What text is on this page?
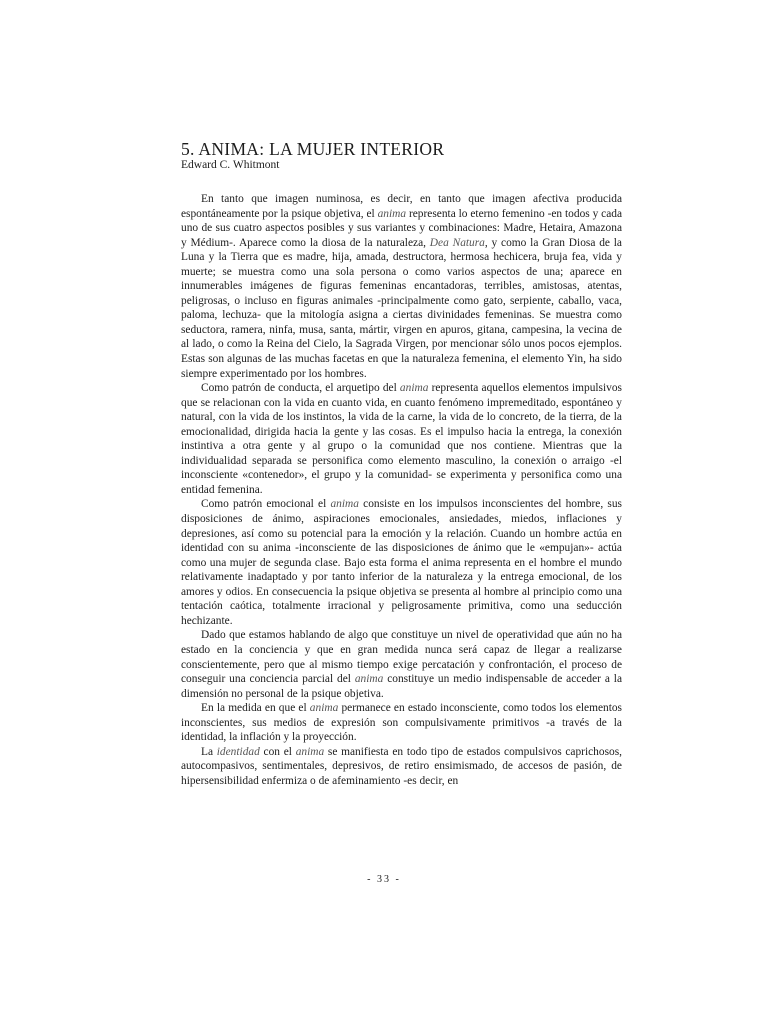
5. ANIMA: LA MUJER INTERIOR
Edward C. Whitmont

En tanto que imagen numinosa, es decir, en tanto que imagen afectiva producida espontáneamente por la psique objetiva, el anima representa lo eterno femenino -en todos y cada uno de sus cuatro aspectos posibles y sus variantes y combinaciones: Madre, Hetaira, Amazona y Médium-. Aparece como la diosa de la naturaleza, Dea Natura, y como la Gran Diosa de la Luna y la Tierra que es madre, hija, amada, destructora, hermosa hechicera, bruja fea, vida y muerte; se muestra como una sola persona o como varios aspectos de una; aparece en innumerables imágenes de figuras femeninas encantadoras, terribles, amistosas, atentas, peligrosas, o incluso en figuras animales -principalmente como gato, serpiente, caballo, vaca, paloma, lechuza- que la mitología asigna a ciertas divinidades femeninas. Se muestra como seductora, ramera, ninfa, musa, santa, mártir, virgen en apuros, gitana, campesina, la vecina de al lado, o como la Reina del Cielo, la Sagrada Virgen, por mencionar sólo unos pocos ejemplos. Estas son algunas de las muchas facetas en que la naturaleza femenina, el elemento Yin, ha sido siempre experimentado por los hombres.

Como patrón de conducta, el arquetipo del anima representa aquellos elementos impulsivos que se relacionan con la vida en cuanto vida, en cuanto fenómeno impremeditado, espontáneo y natural, con la vida de los instintos, la vida de la carne, la vida de lo concreto, de la tierra, de la emocionalidad, dirigida hacia la gente y las cosas. Es el impulso hacia la entrega, la conexión instintiva a otra gente y al grupo o la comunidad que nos contiene. Mientras que la individualidad separada se personifica como elemento masculino, la conexión o arraigo -el inconsciente «contenedor», el grupo y la comunidad- se experimenta y personifica como una entidad femenina.

Como patrón emocional el anima consiste en los impulsos inconscientes del hombre, sus disposiciones de ánimo, aspiraciones emocionales, ansiedades, miedos, inflaciones y depresiones, así como su potencial para la emoción y la relación. Cuando un hombre actúa en identidad con su anima -inconsciente de las disposiciones de ánimo que le «empujan»- actúa como una mujer de segunda clase. Bajo esta forma el anima representa en el hombre el mundo relativamente inadaptado y por tanto inferior de la naturaleza y la entrega emocional, de los amores y odios. En consecuencia la psique objetiva se presenta al hombre al principio como una tentación caótica, totalmente irracional y peligrosamente primitiva, como una seducción hechizante.

Dado que estamos hablando de algo que constituye un nivel de operatividad que aún no ha estado en la conciencia y que en gran medida nunca será capaz de llegar a realizarse conscientemente, pero que al mismo tiempo exige percatación y confrontación, el proceso de conseguir una conciencia parcial del anima constituye un medio indispensable de acceder a la dimensión no personal de la psique objetiva.

En la medida en que el anima permanece en estado inconsciente, como todos los elementos inconscientes, sus medios de expresión son compulsivamente primitivos -a través de la identidad, la inflación y la proyección.

La identidad con el anima se manifiesta en todo tipo de estados compulsivos caprichosos, autocompasivos, sentimentales, depresivos, de retiro ensimismado, de accesos de pasión, de hipersensibilidad enfermiza o de afeminamiento -es decir, en

- 33 -
